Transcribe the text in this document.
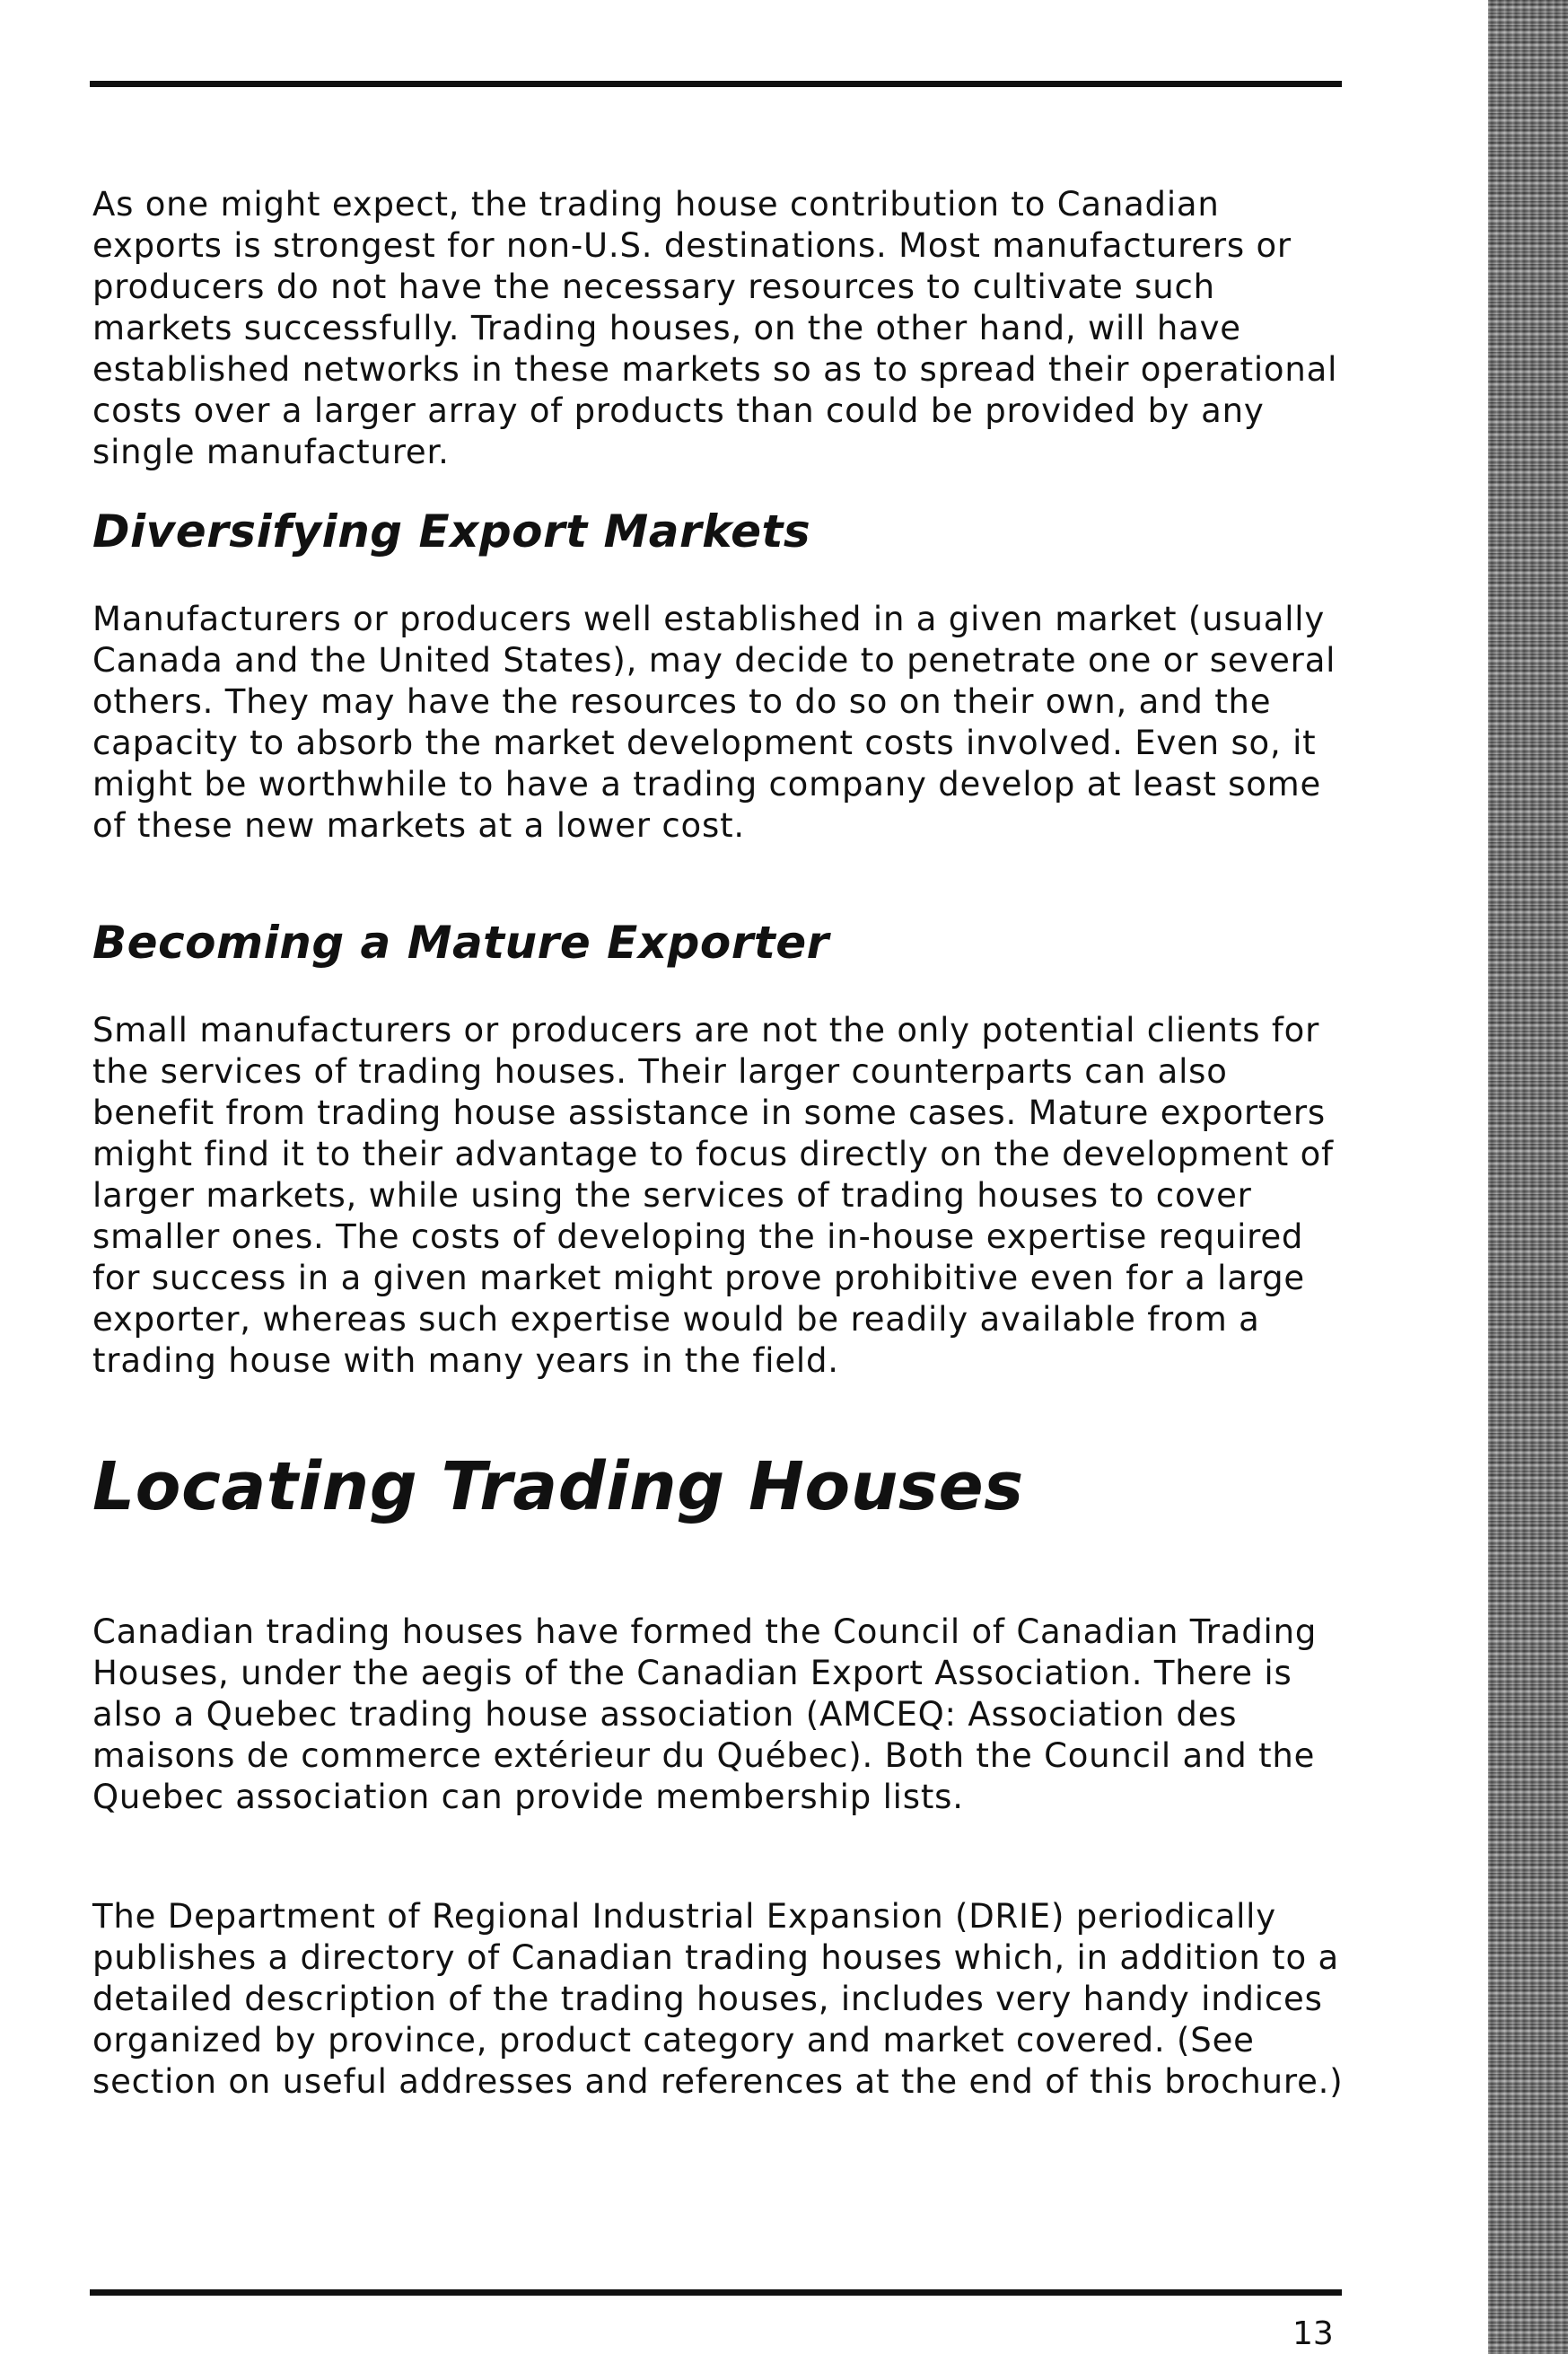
As one might expect, the trading house contribution to Canadian exports is strongest for non-U.S. destinations. Most manufacturers or producers do not have the necessary resources to cultivate such markets successfully. Trading houses, on the other hand, will have established networks in these markets so as to spread their operational costs over a larger array of products than could be provided by any single manufacturer.

Diversifying Export Markets

Manufacturers or producers well established in a given market (usually Canada and the United States), may decide to penetrate one or several others. They may have the resources to do so on their own, and the capacity to absorb the market development costs involved. Even so, it might be worthwhile to have a trading company develop at least some of these new markets at a lower cost.

Becoming a Mature Exporter

Small manufacturers or producers are not the only potential clients for the services of trading houses. Their larger counterparts can also benefit from trading house assistance in some cases. Mature exporters might find it to their advantage to focus directly on the development of larger markets, while using the services of trading houses to cover smaller ones. The costs of developing the in-house expertise required for success in a given market might prove prohibitive even for a large exporter, whereas such expertise would be readily available from a trading house with many years in the field.

Locating Trading Houses

Canadian trading houses have formed the Council of Canadian Trading Houses, under the aegis of the Canadian Export Association. There is also a Quebec trading house association (AMCEQ: Association des maisons de commerce extérieur du Québec). Both the Council and the Quebec association can provide membership lists.

The Department of Regional Industrial Expansion (DRIE) periodically publishes a directory of Canadian trading houses which, in addition to a detailed description of the trading houses, includes very handy indices organized by province, product category and market covered. (See section on useful addresses and references at the end of this brochure.)

13
